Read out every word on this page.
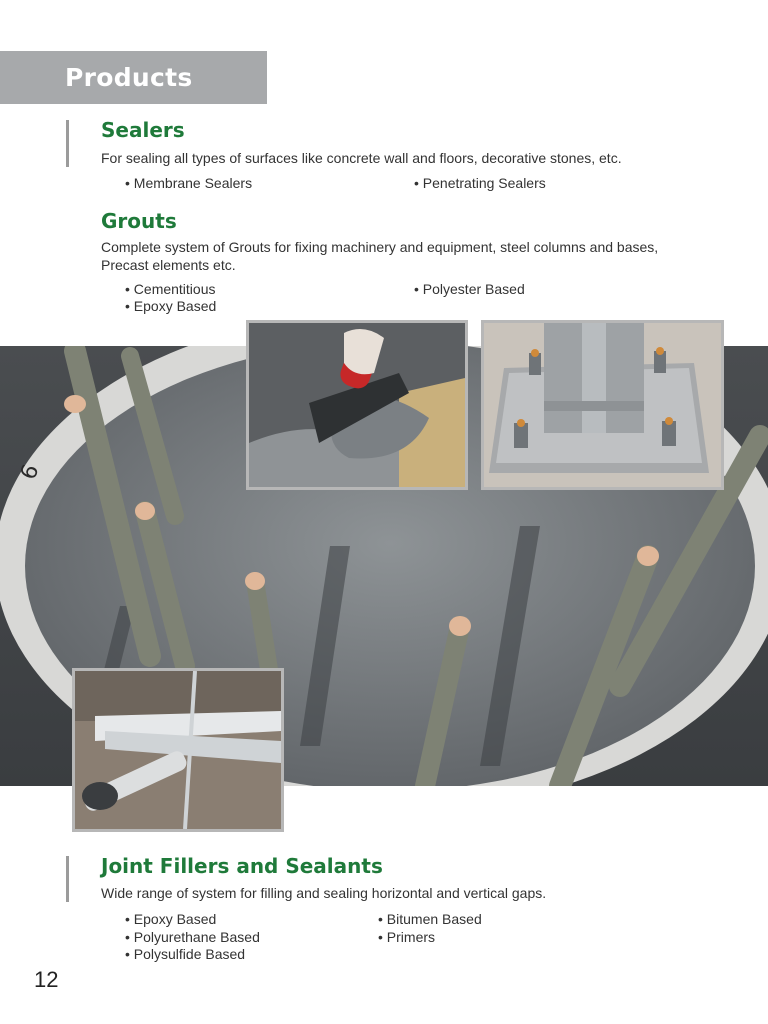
Products
Sealers
For sealing all types of surfaces like concrete wall and floors, decorative stones, etc.
• Membrane Sealers	• Penetrating Sealers
Grouts
Complete system of Grouts for fixing machinery and equipment, steel columns and bases,
Precast elements etc.
• Cementitious	• Polyester Based
• Epoxy Based
6
Joint Fillers and Sealants
Wide range of system for filling and sealing horizontal and vertical gaps.
• Epoxy Based	• Bitumen Based
• Polyurethane Based	• Primers
• Polysulfide Based
12
